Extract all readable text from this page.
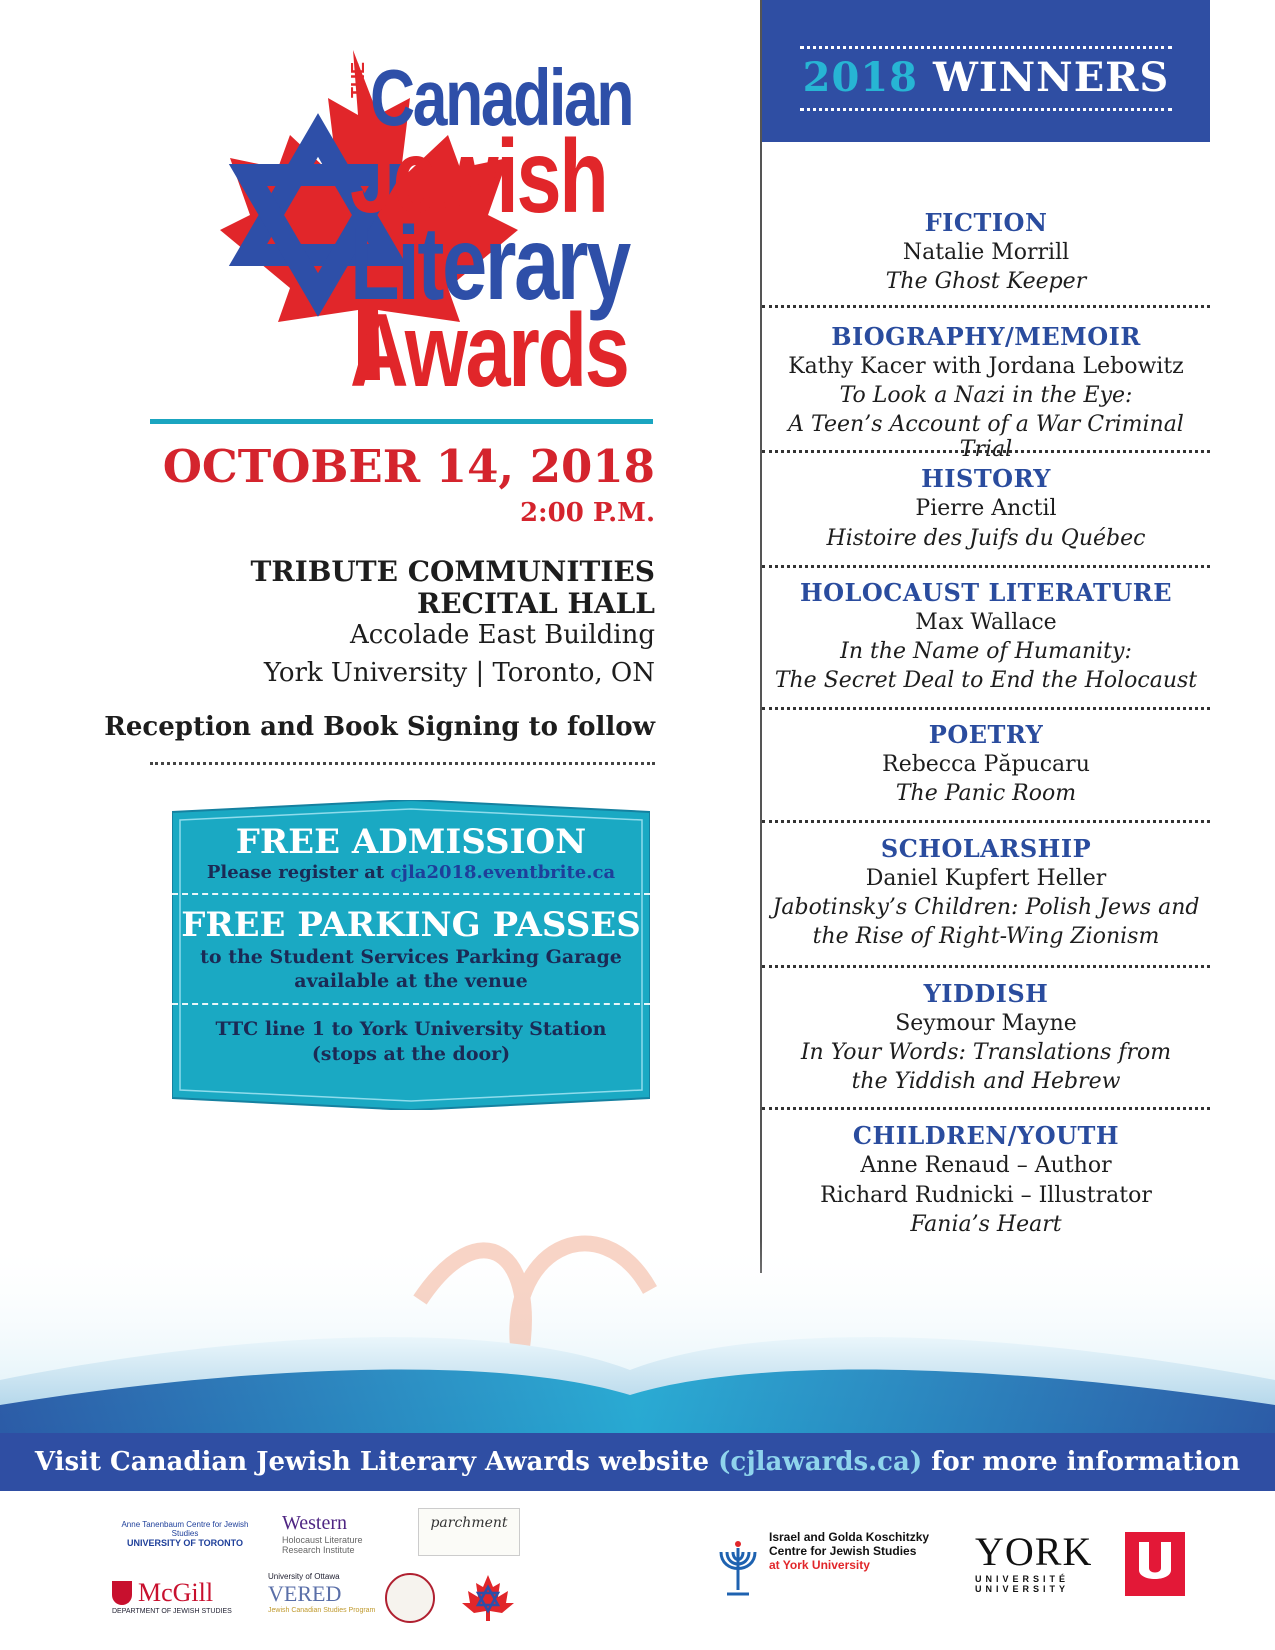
THE Canadian
Jewish
Literary
Awards
OCTOBER 14, 2018
2:00 P.M.
TRIBUTE COMMUNITIES
RECITAL HALL
Accolade East Building
York University | Toronto, ON
Reception and Book Signing to follow
FREE ADMISSION
Please register at cjla2018.eventbrite.ca
FREE PARKING PASSES
to the Student Services Parking Garage
available at the venue
TTC line 1 to York University Station
(stops at the door)
2018 WINNERS
FICTION
Natalie Morrill
The Ghost Keeper
BIOGRAPHY/MEMOIR
Kathy Kacer with Jordana Lebowitz
To Look a Nazi in the Eye:
A Teen’s Account of a War Criminal Trial
HISTORY
Pierre Anctil
Histoire des Juifs du Québec
HOLOCAUST LITERATURE
Max Wallace
In the Name of Humanity:
The Secret Deal to End the Holocaust
POETRY
Rebecca Păpucaru
The Panic Room
SCHOLARSHIP
Daniel Kupfert Heller
Jabotinsky’s Children: Polish Jews and
the Rise of Right-Wing Zionism
YIDDISH
Seymour Mayne
In Your Words: Translations from
the Yiddish and Hebrew
CHILDREN/YOUTH
Anne Renaud – Author
Richard Rudnicki – Illustrator
Fania’s Heart
Visit Canadian Jewish Literary Awards website (cjlawards.ca) for more information
Anne Tanenbaum Centre for Jewish Studies
UNIVERSITY OF TORONTO
Western
Holocaust Literature
Research Institute
parchment
McGill
DEPARTMENT OF JEWISH STUDIES
University of Ottawa
VERED
Jewish Canadian Studies Program
Israel and Golda Koschitzky
Centre for Jewish Studies
at York University	YORK
UNIVERSITÉ
UNIVERSITY
